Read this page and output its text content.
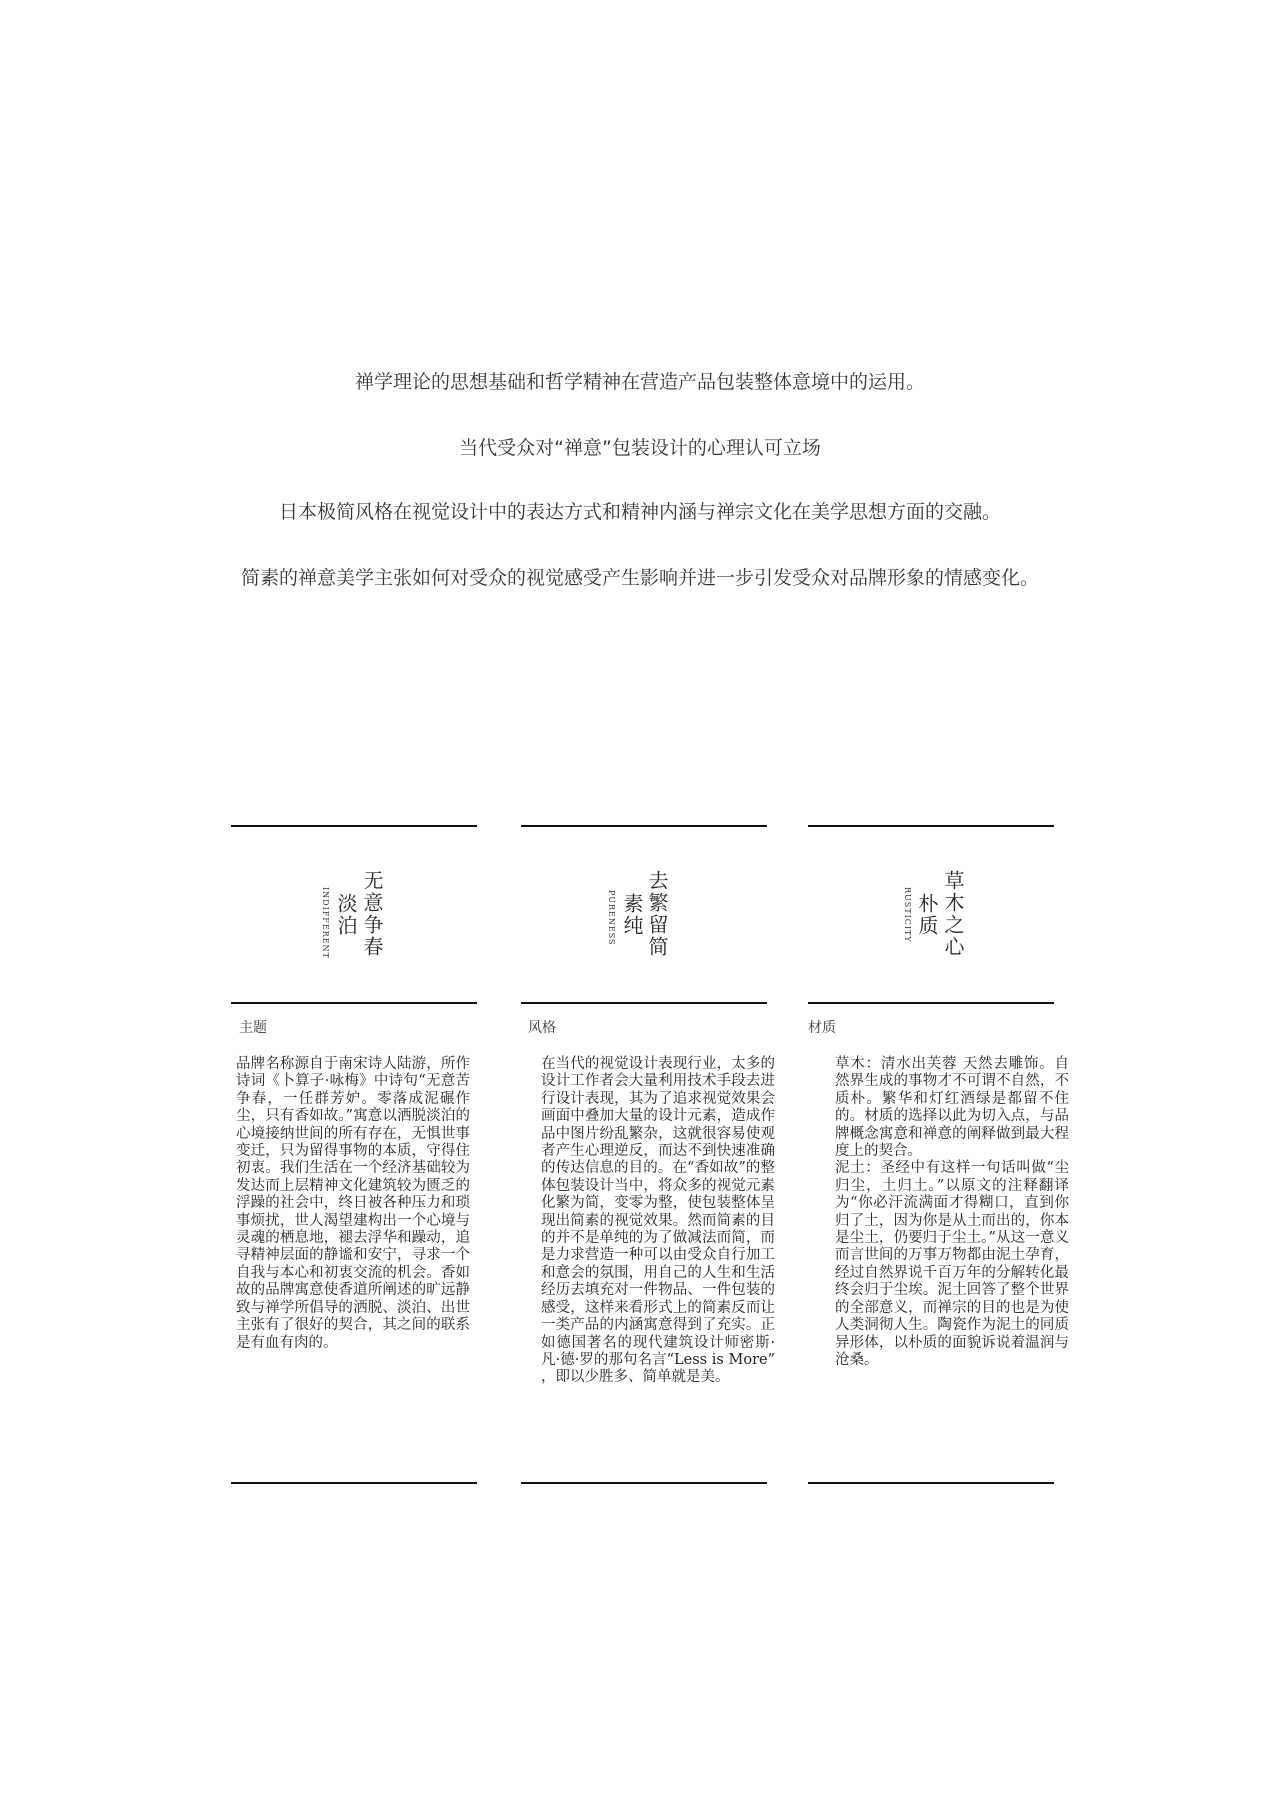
禅学理论的思想基础和哲学精神在营造产品包装整体意境中的运用。
当代受众对“禅意”包装设计的心理认可立场
日本极简风格在视觉设计中的表达方式和精神内涵与禅宗文化在美学思想方面的交融。
简素的禅意美学主张如何对受众的视觉感受产生影响并进一步引发受众对品牌形象的情感变化。
无意争春
淡泊
INDIFFERENT
主题
品牌名称源自于南宋诗人陆游，所作诗词《卜算子·咏梅》中诗句“无意苦争春，一任群芳妒。零落成泥碾作尘，只有香如故。”寓意以洒脱淡泊的心境接纳世间的所有存在，无惧世事变迁，只为留得事物的本质，守得住初衷。我们生活在一个经济基础较为发达而上层精神文化建筑较为匮乏的浮躁的社会中，终日被各种压力和琐事烦扰，世人渴望建构出一个心境与灵魂的栖息地，褪去浮华和躁动，追寻精神层面的静谧和安宁，寻求一个自我与本心和初衷交流的机会。香如故的品牌寓意使香道所阐述的旷远静致与禅学所倡导的洒脱、淡泊、出世主张有了很好的契合，其之间的联系是有血有肉的。
去繁留简
素纯
PURENESS
风格
在当代的视觉设计表现行业，太多的设计工作者会大量利用技术手段去进行设计表现，其为了追求视觉效果会画面中叠加大量的设计元素，造成作品中图片纷乱繁杂，这就很容易使观者产生心理逆反，而达不到快速准确的传达信息的目的。在“香如故”的整体包装设计当中，将众多的视觉元素化繁为简，变零为整，使包装整体呈现出简素的视觉效果。然而简素的目的并不是单纯的为了做减法而简，而是力求营造一种可以由受众自行加工和意会的氛围，用自己的人生和生活经历去填充对一件物品、一件包装的感受，这样来看形式上的简素反而让一类产品的内涵寓意得到了充实。正如德国著名的现代建筑设计师密斯·凡·德·罗的那句名言“Less is More” ，即以少胜多、简单就是美。
草木之心
朴质
RUSTICITY
材质
草木：清水出芙蓉 天然去雕饰。自然界生成的事物才不可谓不自然，不质朴。繁华和灯红酒绿是都留不住的。材质的选择以此为切入点，与品牌概念寓意和禅意的阐释做到最大程度上的契合。
泥土：圣经中有这样一句话叫做“尘归尘，土归土。”以原文的注释翻译为“你必汗流满面才得糊口，直到你归了土，因为你是从土而出的，你本是尘土，仍要归于尘土。”从这一意义而言世间的万事万物都由泥土孕育，经过自然界说千百万年的分解转化最终会归于尘埃。泥土回答了整个世界的全部意义，而禅宗的目的也是为使人类洞彻人生。陶瓷作为泥土的同质异形体，以朴质的面貌诉说着温润与沧桑。
